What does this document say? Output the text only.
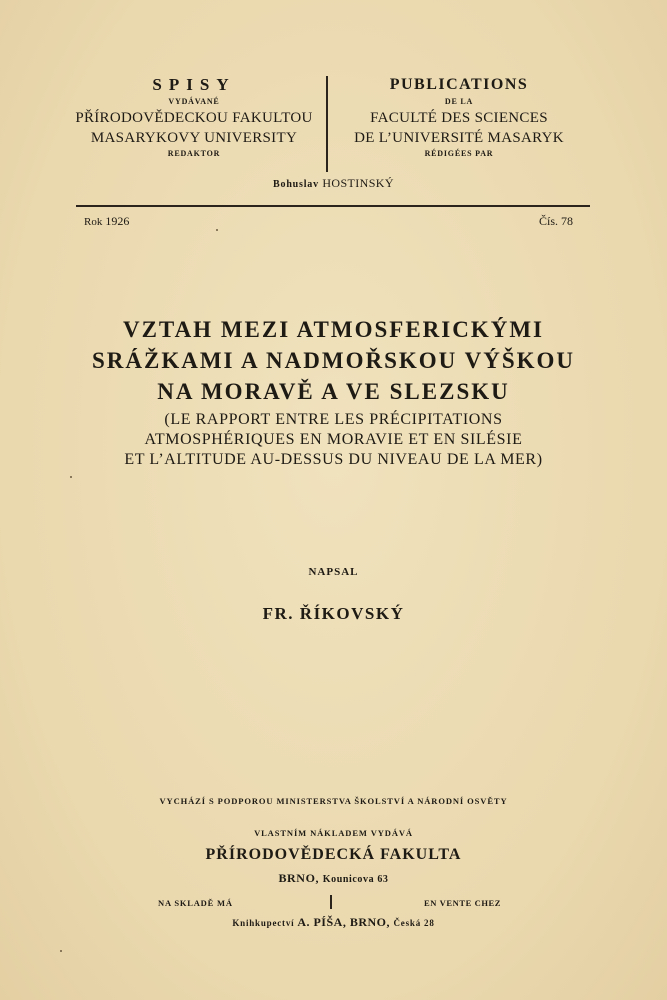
SPISY
VYDÁVANÉ
PŘÍRODOVĚDECKOU FAKULTOU
MASARYKOVY UNIVERSITY
REDAKTOR
PUBLICATIONS
DE LA
FACULTÉ DES SCIENCES
DE L’UNIVERSITÉ MASARYK
RÉDIGÉES PAR
Bohuslav HOSTINSKÝ
Rok 1926	Čís. 78
VZTAH MEZI ATMOSFERICKÝMI
SRÁŽKAMI A NADMOŘSKOU VÝŠKOU
NA MORAVĚ A VE SLEZSKU
(LE RAPPORT ENTRE LES PRÉCIPITATIONS
ATMOSPHÉRIQUES EN MORAVIE ET EN SILÉSIE
ET L’ALTITUDE AU-DESSUS DU NIVEAU DE LA MER)
NAPSAL
FR. ŘÍKOVSKÝ
VYCHÁZÍ S PODPOROU MINISTERSTVA ŠKOLSTVÍ A NÁRODNÍ OSVĚTY
VLASTNÍM NÁKLADEM VYDÁVÁ
PŘÍRODOVĚDECKÁ FAKULTA
BRNO, Kounicova 63
NA SKLADĚ MÁ	EN VENTE CHEZ
Knihkupectví A. PÍŠA, BRNO, Česká 28
